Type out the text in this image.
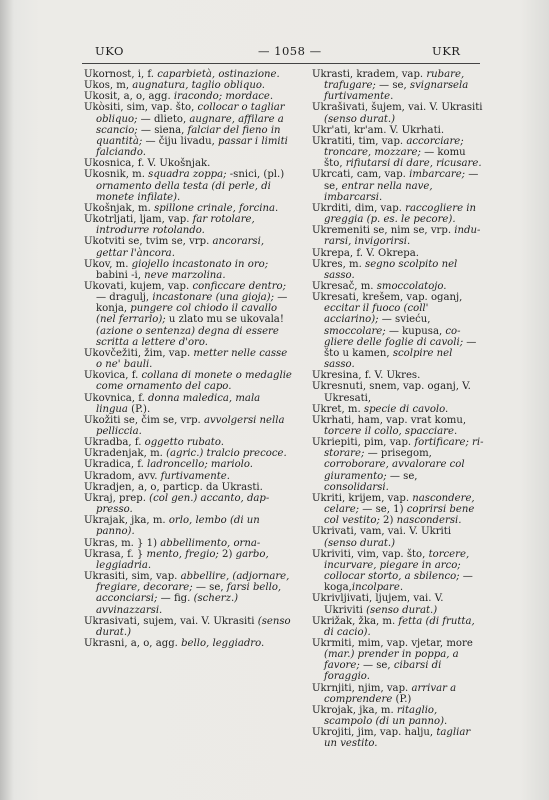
UKO	— 1058 —	UKR

Ukornost, i, f. caparbietà, ostinazione.

Ukos, m, augnatura, taglio obliquo.

Ukosit, a, o, agg. iracondo; mordace.

Ukòsiti, sim, vap. što, collocar o tagliar obliquo; — dlieto, augnare, affilare a scancio; — siena, falciar del fieno in quantità; — čiju livadu, passar i limiti falciando.

Ukosnica, f. V. Ukošnjak.

Ukosnik, m. squadra zoppa; -snici, (pl.) ornamento della testa (di perle, di monete infilate).

Ukošnjak, m. spillone crinale, forcina.

Ukotrljati, ljam, vap. far rotolare, introdurre rotolando.

Ukotviti se, tvim se, vrp. ancorarsi, gettar l'àncora.

Ukov, m. giojello incastonato in oro; babini -i, neve marzolina.

Ukovati, kujem, vap. conficcare dentro; — dragulj, incastonare (una gioja); — konja, pungere col chiodo il cavallo (nel ferrarlo); u zlato mu se ukovala! (azione o sentenza) degna di essere scritta a lettere d'oro.

Ukovčežiti, žim, vap. metter nelle casse o ne' bauli.

Ukovica, f. collana di monete o medaglie come ornamento del capo.

Ukovnica, f. donna maledica, mala lingua (P.).

Ukožiti se, čim se, vrp. avvolgersi nella pelliccia.

Ukradba, f. oggetto rubato.

Ukradenjak, m. (agric.) tralcio precoce.

Ukradica, f. ladroncello; mariolo.

Ukradom, avv. furtivamente.

Ukradjen, a, o, particp. da Ukrasti.

Ukraj, prep. (col gen.) accanto, dappresso.

Ukrajak, jka, m. orlo, lembo (di un panno).

Ukras, m. } 1) abbellimento, orna-

Ukrasa, f. } mento, fregio; 2) garbo, leggiadria.

Ukrasiti, sim, vap. abbellire, (adjornare, fregiare, decorare; — se, farsi bello, acconciarsi; — fig. (scherz.) avvinazzarsi.

Ukrasivati, sujem, vai. V. Ukrasiti (senso durat.)

Ukrasni, a, o, agg. bello, leggiadro.

Ukrasti, kradem, vap. rubare, trafugare; — se, svignarsela furtivamente.

Ukrašivati, šujem, vai. V. Ukrasiti (senso durat.)

Ukr'ati, kr'am. V. Ukrhati.

Ukratiti, tim, vap. accorciare; troncare, mozzare; — komu što, rifiutarsi di dare, ricusare.

Ukrcati, cam, vap. imbarcare; — se, entrar nella nave, imbarcarsi.

Ukrditi, dim, vap. raccogliere in greggia (p. es. le pecore).

Ukremeniti se, nim se, vrp. indurarsi, invigorirsi.

Ukrepa, f. V. Okrepa.

Ukres, m. segno scolpito nel sasso.

Ukresač, m. smoccolatojo.

Ukresati, krešem, vap. oganj, eccitar il fuoco (coll' acciarino); — svieću, smoccolare; — kupusa, cogliere delle foglie di cavoli; — što u kamen, scolpire nel sasso.

Ukresina, f. V. Ukres.

Ukresnuti, snem, vap. oganj, V. Ukresati,

Ukret, m. specie di cavolo.

Ukrhati, ham, vap. vrat komu, torcere il collo, spacciare.

Ukriepiti, pim, vap. fortificare; ristorare; — prisegom, corroborare, avvalorare col giuramento; — se, consolidarsi.

Ukriti, krijem, vap. nascondere, celare; — se, 1) coprirsi bene col vestito; 2) nascondersi.

Ukrivati, vam, vai. V. Ukriti (senso durat.)

Ukriviti, vim, vap. što, torcere, incurvare, piegare in arco; collocar storto, a sbilenco; — koga,incolpare.

Ukrivljivati, ljujem, vai. V. Ukriviti (senso durat.)

Ukrižak, žka, m. fetta (di frutta, di cacio).

Ukrmiti, mim, vap. vjetar, more (mar.) prender in poppa, a favore; — se, cibarsi di foraggio.

Ukrnjiti, njim, vap. arrivar a comprendere (P.)

Ukrojak, jka, m. ritaglio, scampolo (di un panno).

Ukrojiti, jim, vap. halju, tagliar un vestito.
